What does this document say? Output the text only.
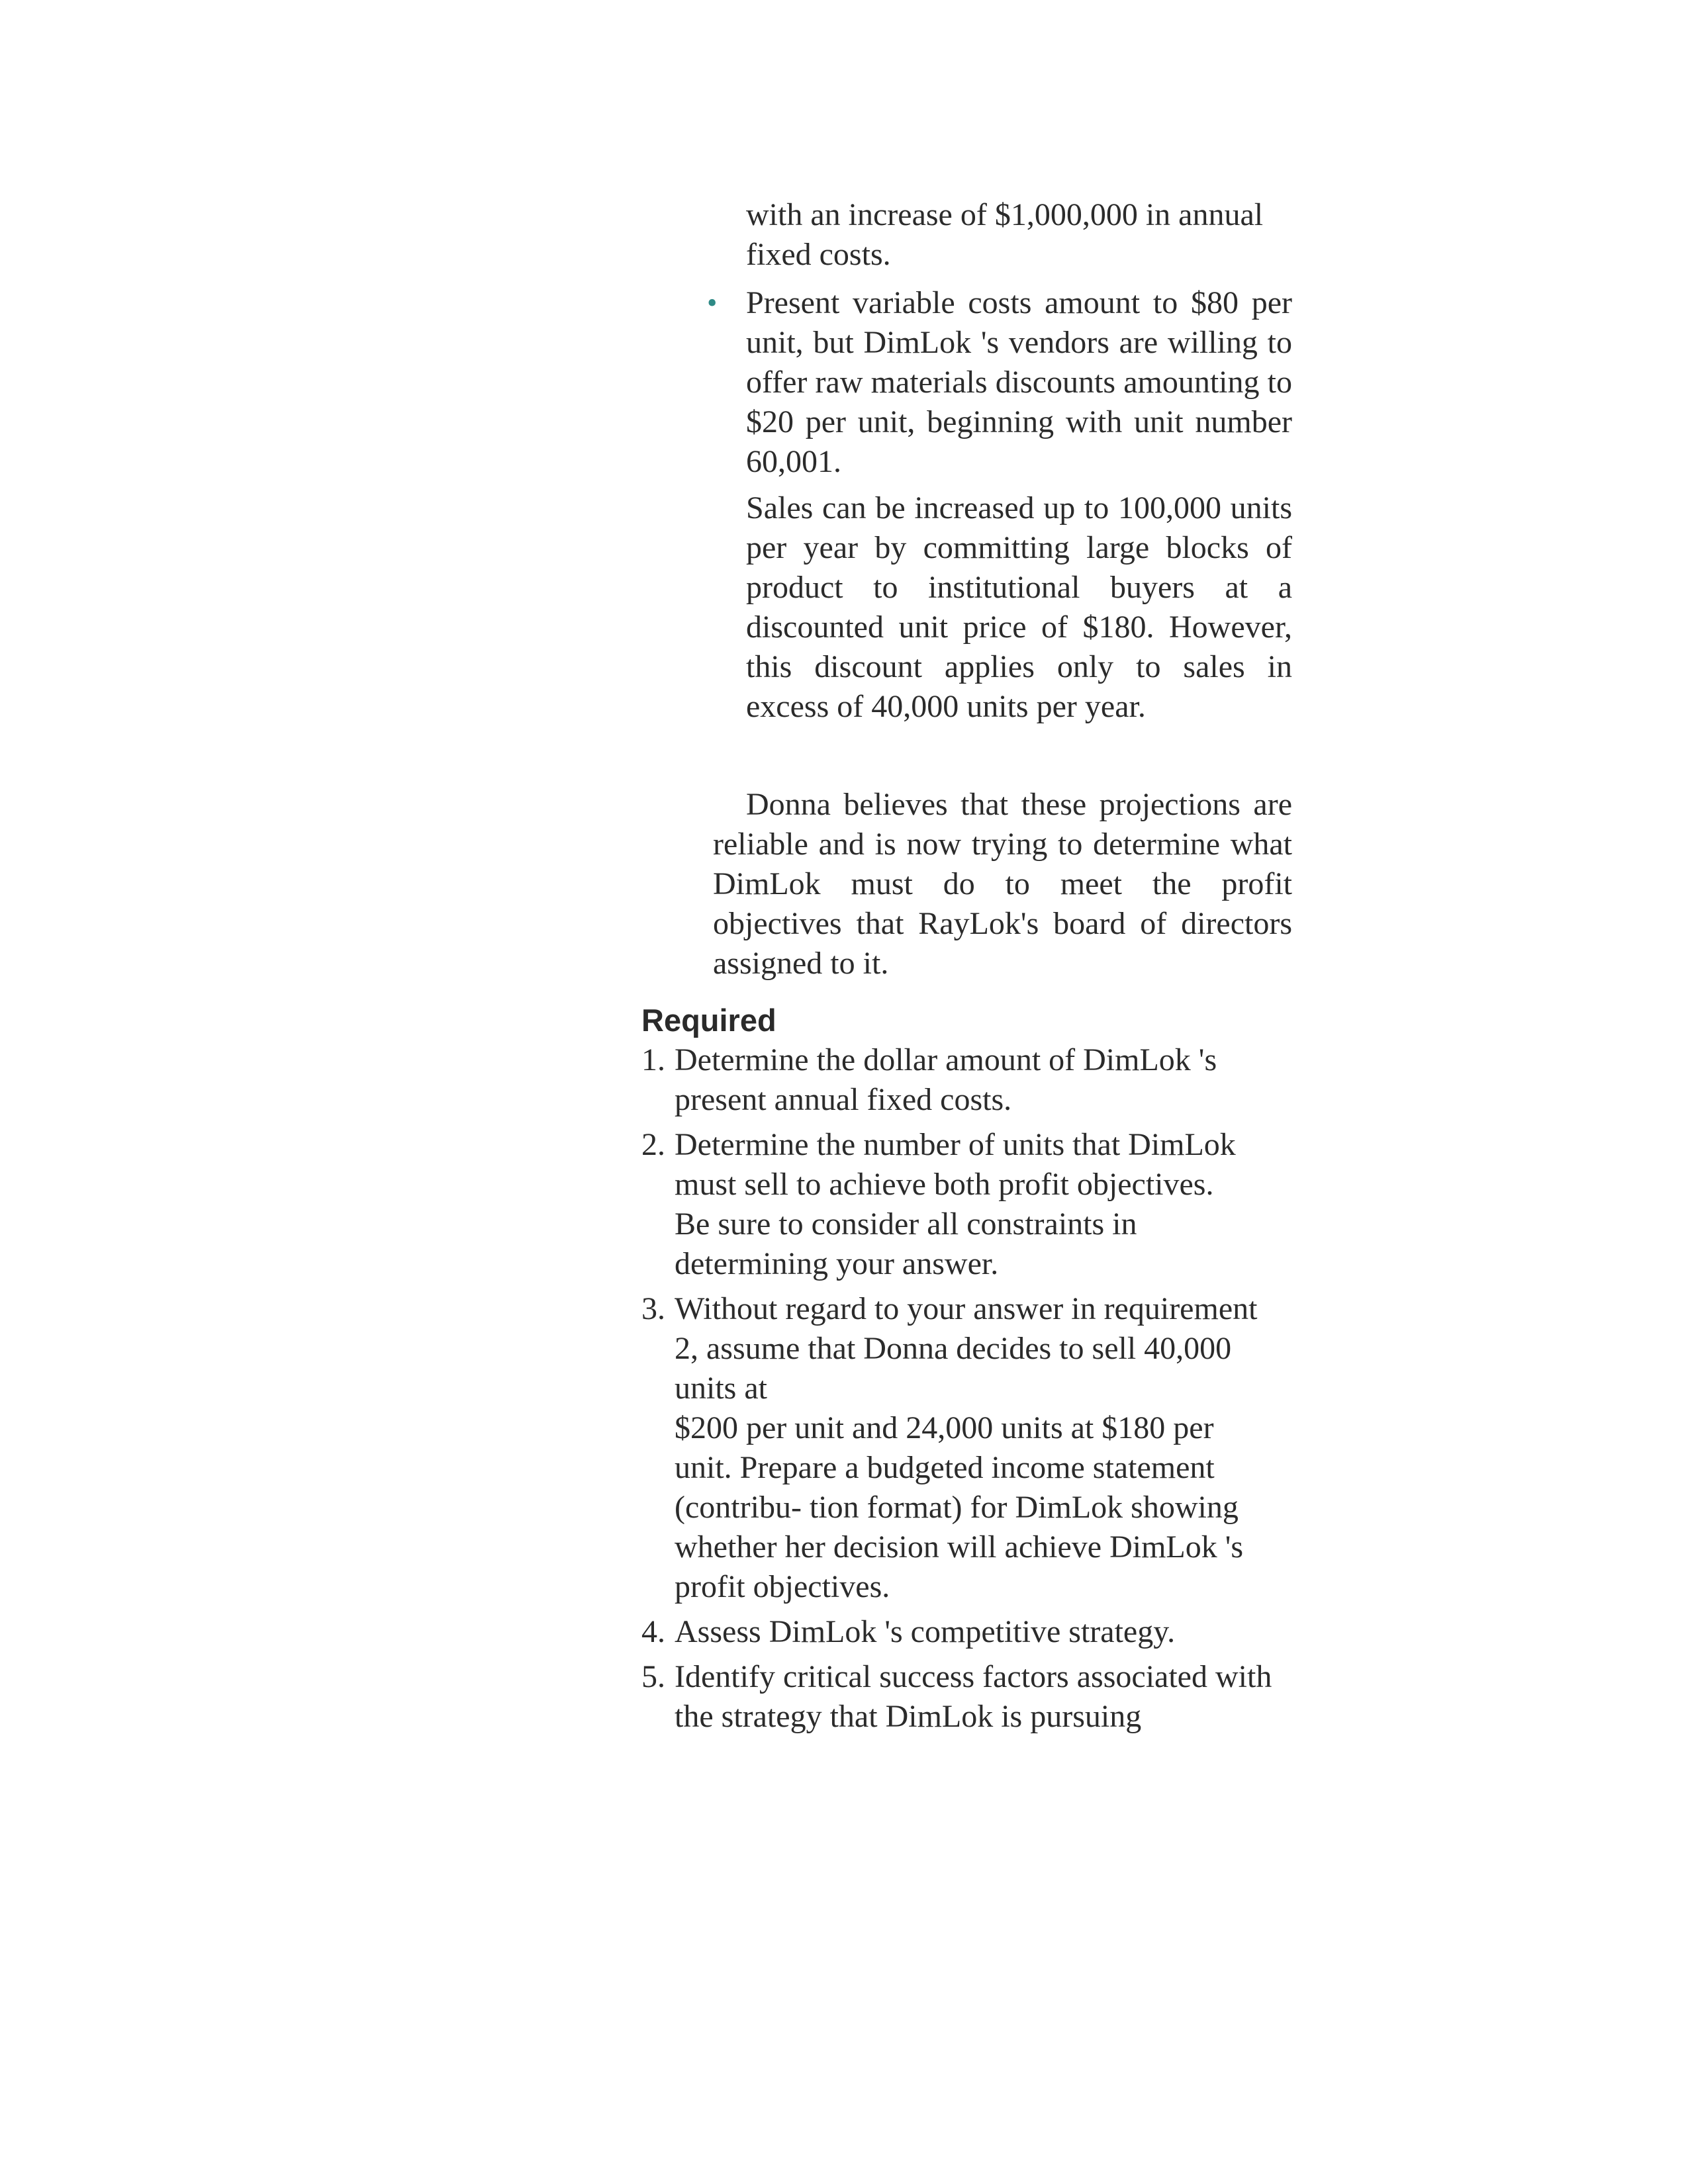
with an increase of $1,000,000 in annual
fixed costs.
• Present variable costs amount to $80 per unit, but DimLok 's vendors are willing to offer raw materials discounts amounting to $20 per unit, beginning with unit number 60,001.

Sales can be increased up to 100,000 units per year by committing large blocks of product to institutional buyers at a discounted unit price of $180. However, this discount applies only to sales in excess of 40,000 units per year.

Donna believes that these projections are reliable and is now trying to determine what DimLok must do to meet the profit objectives that RayLok's board of directors assigned to it.

Required
1. Determine the dollar amount of DimLok 's
present annual fixed costs.
2. Determine the number of units that DimLok
must sell to achieve both profit objectives.
Be sure to consider all constraints in
determining your answer.
3. Without regard to your answer in requirement
2, assume that Donna decides to sell 40,000
units at
$200 per unit and 24,000 units at $180 per
unit. Prepare a budgeted income statement
(contribu- tion format) for DimLok showing
whether her decision will achieve DimLok 's
profit objectives.
4. Assess DimLok 's competitive strategy.
5. Identify critical success factors associated with
the strategy that DimLok is pursuing
